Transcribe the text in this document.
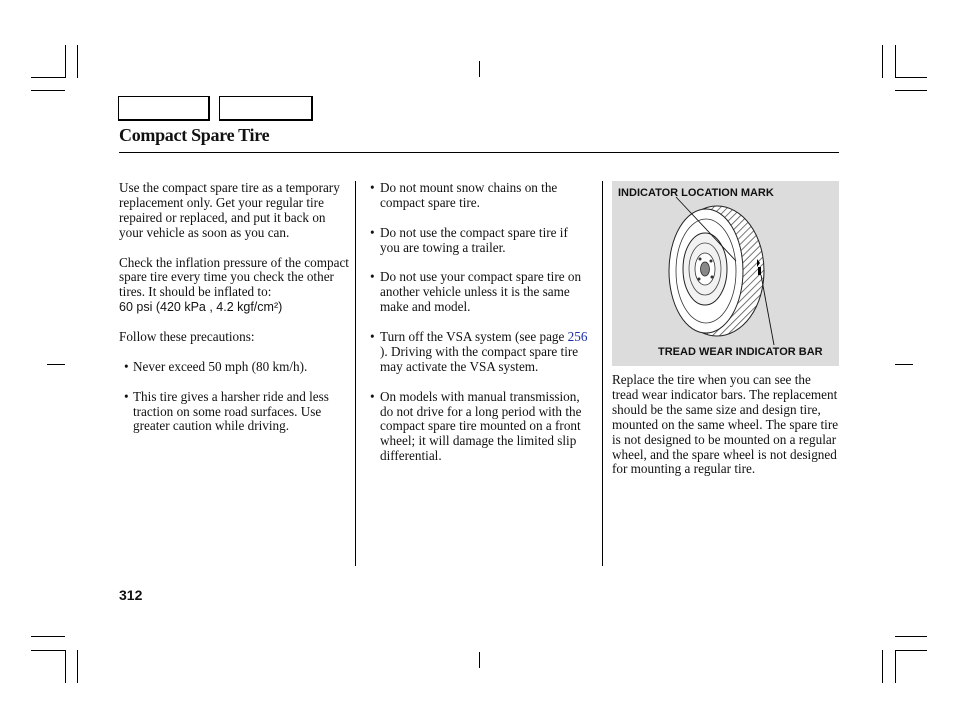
Compact Spare Tire

Use the compact spare tire as a temporary replacement only. Get your regular tire repaired or replaced, and put it back on your vehicle as soon as you can.

Check the inflation pressure of the compact spare tire every time you check the other tires. It should be inflated to:

60 psi (420 kPa , 4.2 kgf/cm²)

Follow these precautions:

• Never exceed 50 mph (80 km/h).
• This tire gives a harsher ride and less traction on some road surfaces. Use greater caution while driving.
• Do not mount snow chains on the compact spare tire.
• Do not use the compact spare tire if you are towing a trailer.
• Do not use your compact spare tire on another vehicle unless it is the same make and model.
• Turn off the VSA system (see page 256 ). Driving with the compact spare tire may activate the VSA system.
• On models with manual transmission, do not drive for a long period with the compact spare tire mounted on a front wheel; it will damage the limited slip differential.
INDICATOR LOCATION MARK
TREAD WEAR INDICATOR BAR

Replace the tire when you can see the tread wear indicator bars. The replacement should be the same size and design tire, mounted on the same wheel. The spare tire is not designed to be mounted on a regular wheel, and the spare wheel is not designed for mounting a regular tire.

312
